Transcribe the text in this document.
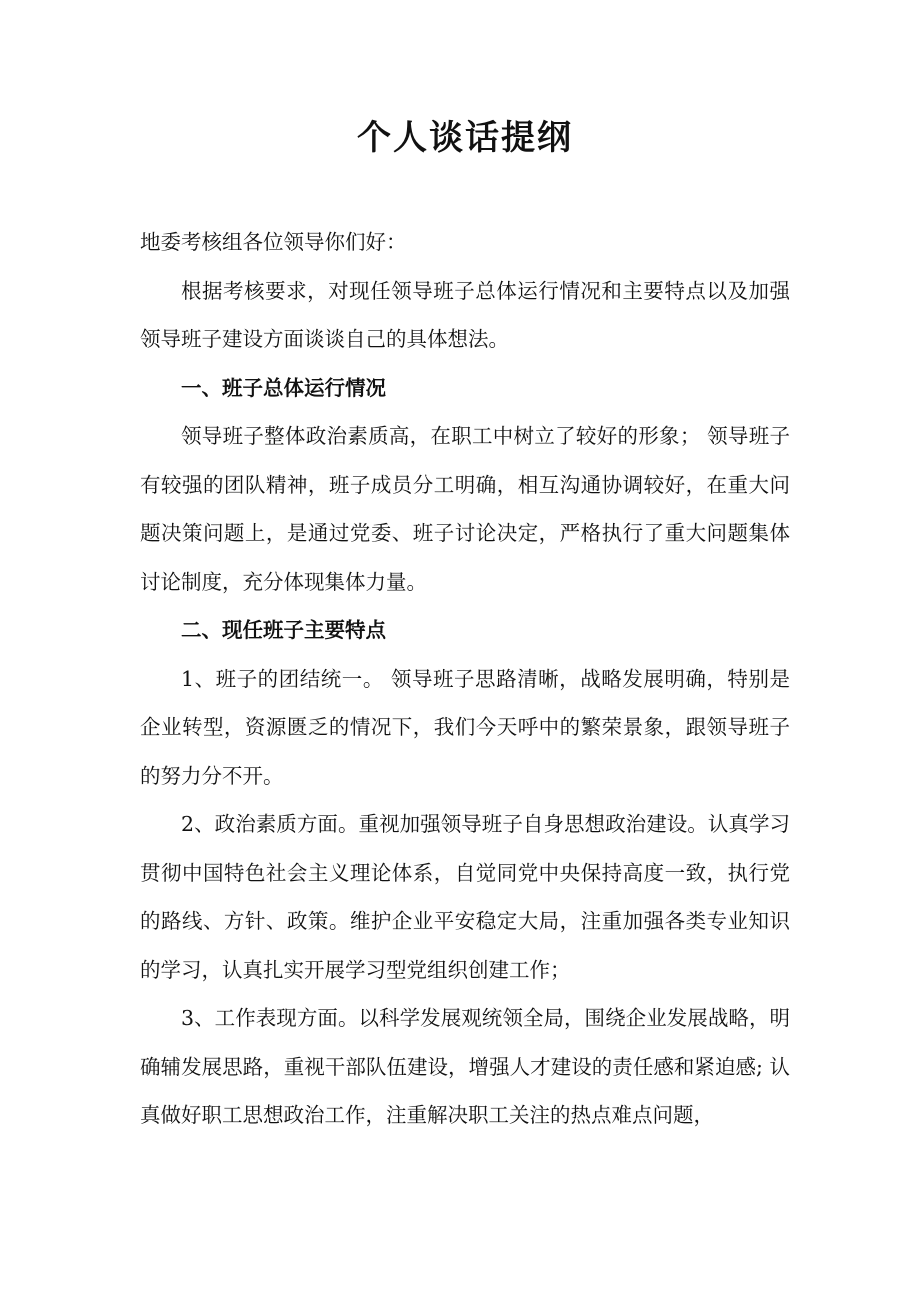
个人谈话提纲

地委考核组各位领导你们好：

根据考核要求，对现任领导班子总体运行情况和主要特点以及加强领导班子建设方面谈谈自己的具体想法。

一、班子总体运行情况

领导班子整体政治素质高，在职工中树立了较好的形象； 领导班子有较强的团队精神，班子成员分工明确，相互沟通协调较好，在重大问题决策问题上，是通过党委、班子讨论决定，严格执行了重大问题集体讨论制度，充分体现集体力量。

二、现任班子主要特点

1、班子的团结统一。 领导班子思路清晰，战略发展明确，特别是企业转型，资源匮乏的情况下，我们今天呼中的繁荣景象，跟领导班子的努力分不开。

2、政治素质方面。重视加强领导班子自身思想政治建设。认真学习贯彻中国特色社会主义理论体系，自觉同党中央保持高度一致，执行党的路线、方针、政策。维护企业平安稳定大局，注重加强各类专业知识的学习，认真扎实开展学习型党组织创建工作；

3、工作表现方面。以科学发展观统领全局，围绕企业发展战略，明确辅发展思路，重视干部队伍建设，增强人才建设的责任感和紧迫感; 认真做好职工思想政治工作，注重解决职工关注的热点难点问题，
